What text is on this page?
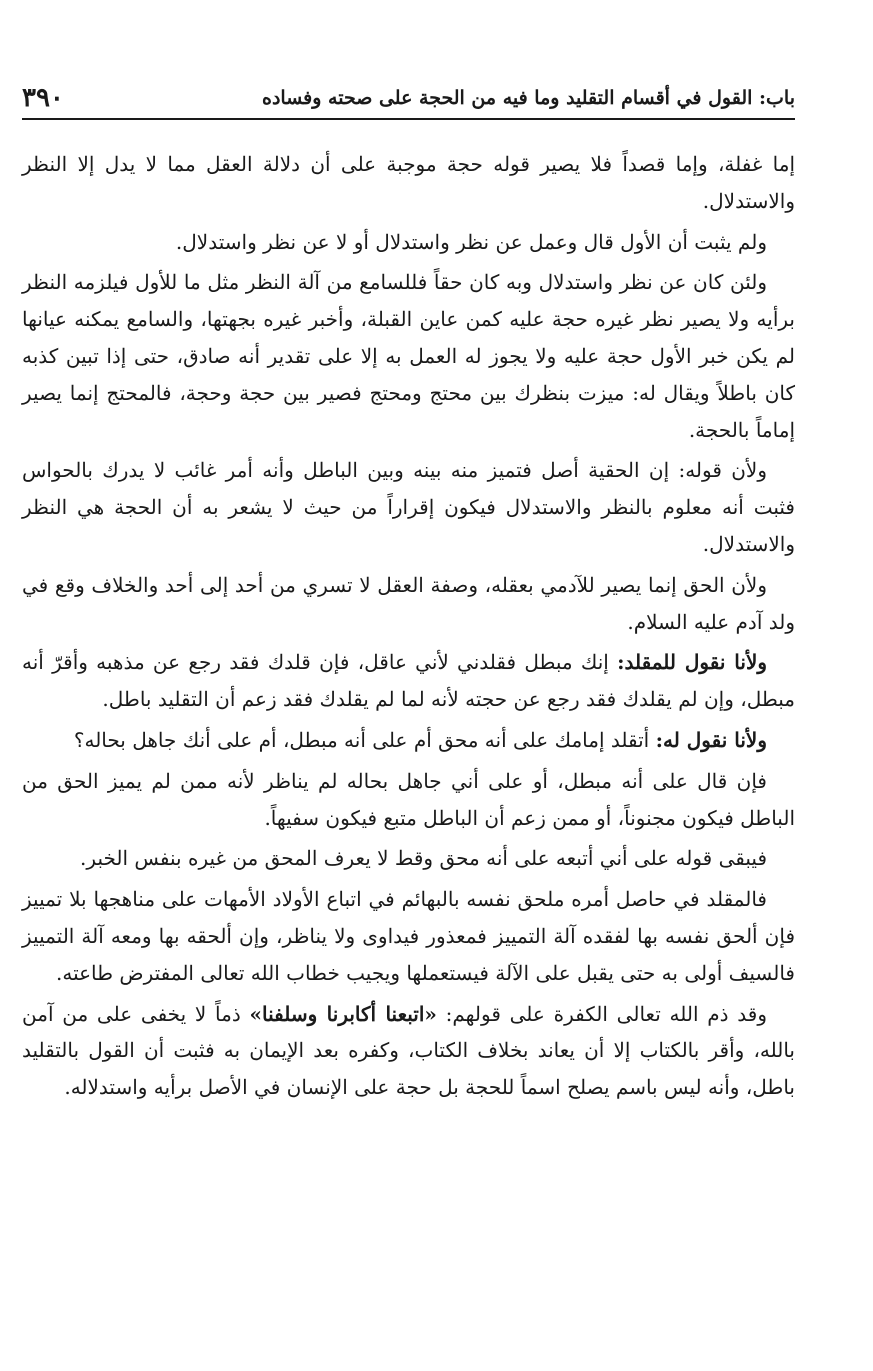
باب: القول في أقسام التقليد وما فيه من الحجة على صحته وفساده
٣٩٠

إما غفلة، وإما قصداً فلا يصير قوله حجة موجبة على أن دلالة العقل مما لا يدل إلا النظر والاستدلال.

ولم يثبت أن الأول قال وعمل عن نظر واستدلال أو لا عن نظر واستدلال.

ولئن كان عن نظر واستدلال وبه كان حقاً فللسامع من آلة النظر مثل ما للأول فيلزمه النظر برأيه ولا يصير نظر غيره حجة عليه كمن عاين القبلة، وأخبر غيره بجهتها، والسامع يمكنه عيانها لم يكن خبر الأول حجة عليه ولا يجوز له العمل به إلا على تقدير أنه صادق، حتى إذا تبين كذبه كان باطلاً ويقال له: ميزت بنظرك بين محتج ومحتج فصير بين حجة وحجة، فالمحتج إنما يصير إماماً بالحجة.

ولأن قوله: إن الحقية أصل فتميز منه بينه وبين الباطل وأنه أمر غائب لا يدرك بالحواس فثبت أنه معلوم بالنظر والاستدلال فيكون إقراراً من حيث لا يشعر به أن الحجة هي النظر والاستدلال.

ولأن الحق إنما يصير للآدمي بعقله، وصفة العقل لا تسري من أحد إلى أحد والخلاف وقع في ولد آدم عليه السلام.

ولأنا نقول للمقلد: إنك مبطل فقلدني لأني عاقل، فإن قلدك فقد رجع عن مذهبه وأقرّ أنه مبطل، وإن لم يقلدك فقد رجع عن حجته لأنه لما لم يقلدك فقد زعم أن التقليد باطل.

ولأنا نقول له: أتقلد إمامك على أنه محق أم على أنه مبطل، أم على أنك جاهل بحاله؟

فإن قال على أنه مبطل، أو على أني جاهل بحاله لم يناظر لأنه ممن لم يميز الحق من الباطل فيكون مجنوناً، أو ممن زعم أن الباطل متبع فيكون سفيهاً.

فيبقى قوله على أني أتبعه على أنه محق وقط لا يعرف المحق من غيره بنفس الخبر.

فالمقلد في حاصل أمره ملحق نفسه بالبهائم في اتباع الأولاد الأمهات على مناهجها بلا تمييز فإن ألحق نفسه بها لفقده آلة التمييز فمعذور فيداوى ولا يناظر، وإن ألحقه بها ومعه آلة التمييز فالسيف أولى به حتى يقبل على الآلة فيستعملها ويجيب خطاب الله تعالى المفترض طاعته.

وقد ذم الله تعالى الكفرة على قولهم: «اتبعنا أكابرنا وسلفنا» ذماً لا يخفى على من آمن بالله، وأقر بالكتاب إلا أن يعاند بخلاف الكتاب، وكفره بعد الإيمان به فثبت أن القول بالتقليد باطل، وأنه ليس باسم يصلح اسماً للحجة بل حجة على الإنسان في الأصل برأيه واستدلاله.
